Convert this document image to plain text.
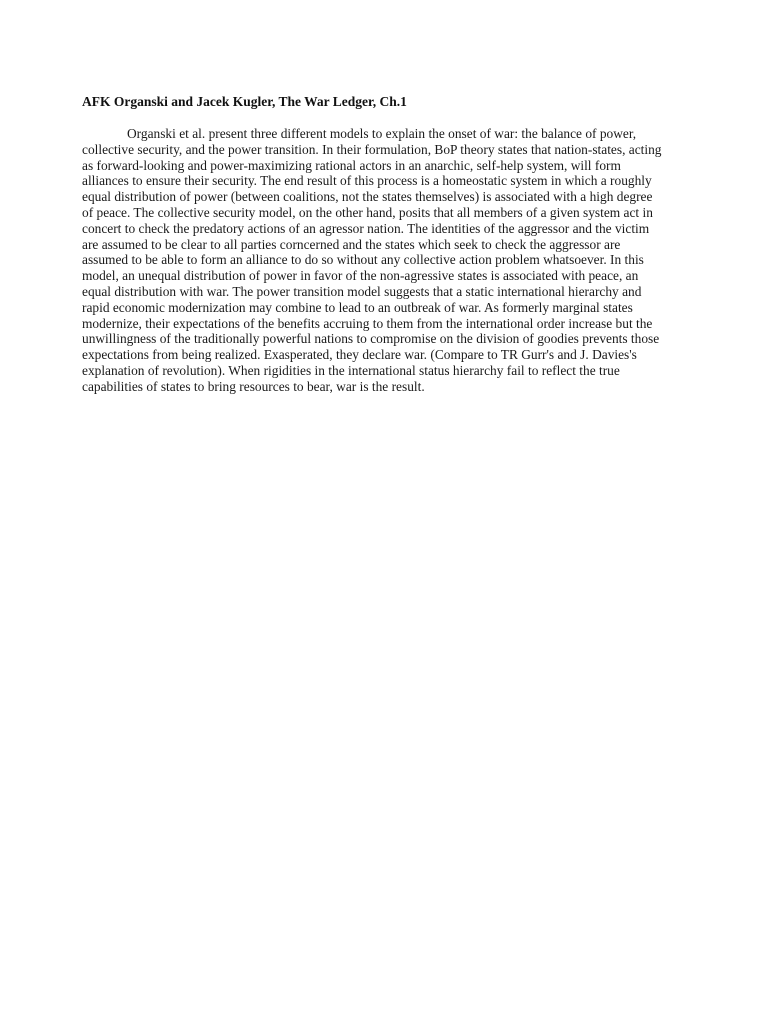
AFK Organski and Jacek Kugler, The War Ledger, Ch.1
Organski et al. present three different models to explain the onset of war: the balance of power,
collective security, and the power transition. In their formulation, BoP theory states that nation-states, acting
as forward-looking and power-maximizing rational actors in an anarchic, self-help system, will form
alliances to ensure their security. The end result of this process is a homeostatic system in which a roughly
equal distribution of power (between coalitions, not the states themselves) is associated with a high degree
of peace. The collective security model, on the other hand, posits that all members of a given system act in
concert to check the predatory actions of an agressor nation. The identities of the aggressor and the victim
are assumed to be clear to all parties corncerned and the states which seek to check the aggressor are
assumed to be able to form an alliance to do so without any collective action problem whatsoever. In this
model, an unequal distribution of power in favor of the non-agressive states is associated with peace, an
equal distribution with war. The power transition model suggests that a static international hierarchy and
rapid economic modernization may combine to lead to an outbreak of war. As formerly marginal states
modernize, their expectations of the benefits accruing to them from the international order increase but the
unwillingness of the traditionally powerful nations to compromise on the division of goodies prevents those
expectations from being realized. Exasperated, they declare war. (Compare to TR Gurr's and J. Davies's
explanation of revolution). When rigidities in the international status hierarchy fail to reflect the true
capabilities of states to bring resources to bear, war is the result.
